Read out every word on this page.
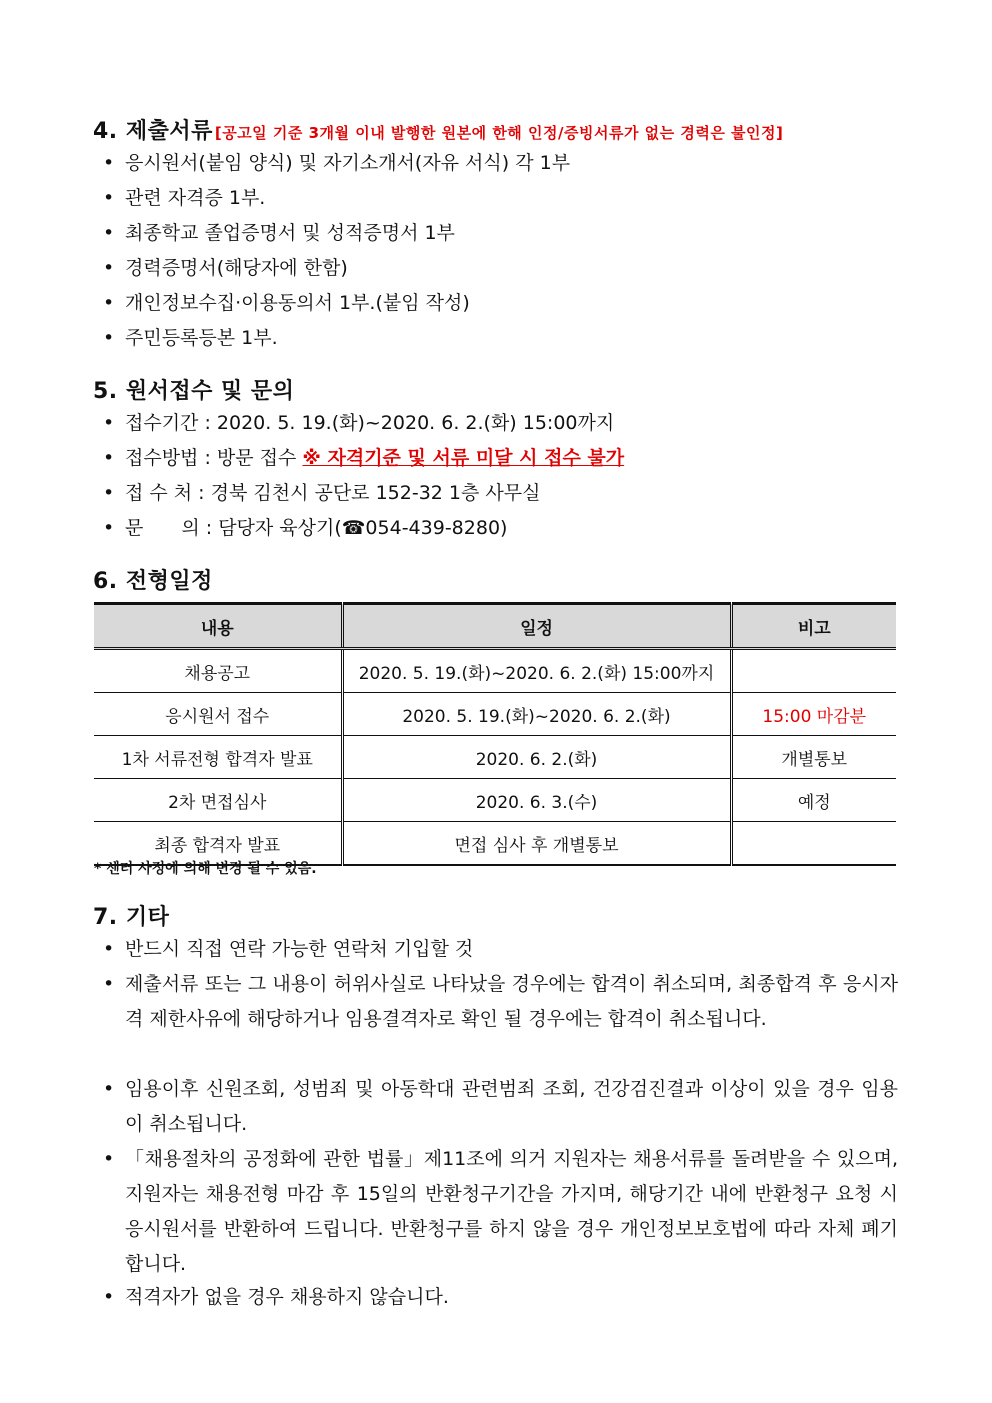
4. 제출서류 [공고일 기준 3개월 이내 발행한 원본에 한해 인정/증빙서류가 없는 경력은 불인정]
• 응시원서(붙임 양식) 및 자기소개서(자유 서식) 각 1부
• 관련 자격증 1부.
• 최종학교 졸업증명서 및 성적증명서 1부
• 경력증명서(해당자에 한함)
• 개인정보수집·이용동의서 1부.(붙임 작성)
• 주민등록등본 1부.
5. 원서접수 및 문의
• 접수기간 : 2020. 5. 19.(화)~2020. 6. 2.(화) 15:00까지
• 접수방법 : 방문 접수 ※ 자격기준 및 서류 미달 시 접수 불가
• 접 수 처 : 경북 김천시 공단로 152-32 1층 사무실
• 문　　의 : 담당자 육상기(☎054-439-8280)
6. 전형일정
내용	일정	비고
채용공고	2020. 5. 19.(화)~2020. 6. 2.(화) 15:00까지	
응시원서 접수	2020. 5. 19.(화)~2020. 6. 2.(화)	15:00 마감분
1차 서류전형 합격자 발표	2020. 6. 2.(화)	개별통보
2차 면접심사	2020. 6. 3.(수)	예정
최종 합격자 발표	면접 심사 후 개별통보	
* 센터 사정에 의해 변경 될 수 있음.
7. 기타
• 반드시 직접 연락 가능한 연락처 기입할 것
• 제출서류 또는 그 내용이 허위사실로 나타났을 경우에는 합격이 취소되며, 최종합격 후 응시자격 제한사유에 해당하거나 임용결격자로 확인 될 경우에는 합격이 취소됩니다.
• 임용이후 신원조회, 성범죄 및 아동학대 관련범죄 조회, 건강검진결과 이상이 있을 경우 임용이 취소됩니다.
• 「채용절차의 공정화에 관한 법률」제11조에 의거 지원자는 채용서류를 돌려받을 수 있으며, 지원자는 채용전형 마감 후 15일의 반환청구기간을 가지며, 해당기간 내에 반환청구 요청 시 응시원서를 반환하여 드립니다. 반환청구를 하지 않을 경우 개인정보보호법에 따라 자체 폐기합니다.
• 적격자가 없을 경우 채용하지 않습니다.
